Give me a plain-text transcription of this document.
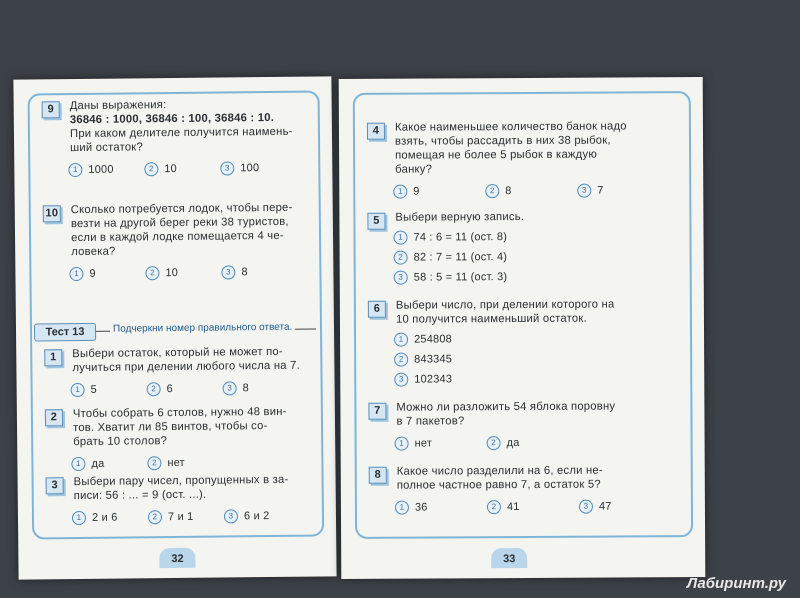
9	Даны выражения:
36846 : 1000, 36846 : 100, 36846 : 10.
При каком делителе получится наимень-
ший остаток?
1 1000	2 10	3 100
10 Сколько потребуется лодок, чтобы пере-
везти на другой берег реки 38 туристов,
если в каждой лодке помещается 4 че-
ловека?
1 9	2 10	3 8
Тест 13	Подчеркни номер правильного ответа.
1	Выбери остаток, который не может по-
лучиться при делении любого числа на 7.
1 5	2 6	3 8
2	Чтобы собрать 6 столов, нужно 48 вин-
тов. Хватит ли 85 винтов, чтобы со-
брать 10 столов?
1 да	2 нет
3	Выбери пару чисел, пропущенных в за-
писи: 56 : ... = 9 (ост. ...).
1 2 и 6	2 7 и 1	3 6 и 2
32
4	Какое наименьшее количество банок надо
взять, чтобы рассадить в них 38 рыбок,
помещая не более 5 рыбок в каждую
банку?
1 9	2 8	3 7
5	Выбери верную запись.
1 74 : 6 = 11 (ост. 8)
2 82 : 7 = 11 (ост. 4)
3 58 : 5 = 11 (ост. 3)
6	Выбери число, при делении которого на
10 получится наименьший остаток.
1 254808
2 843345
3 102343
7	Можно ли разложить 54 яблока поровну
в 7 пакетов?
1 нет	2 да
8	Какое число разделили на 6, если не-
полное частное равно 7, а остаток 5?
1 36	2 41	3 47
33
Лабиринт.ру
